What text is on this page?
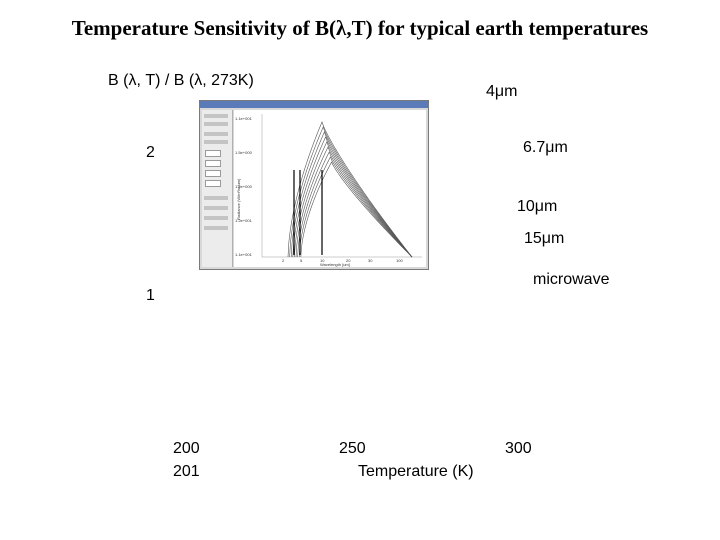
Temperature Sensitivity of B(λ,T) for typical earth temperatures
B (λ, T) / B (λ, 273K)
4μm
6.7μm
10μm
15μm
microwave
2
1
200
201
250	300
Temperature (K)
1.1e+001
1.5e+000
1.2e+000
1.2e+001
1.1e+001
2	5	10	20	30	100
Wavelength [um]
Radiance (W/m²/sr/um)
